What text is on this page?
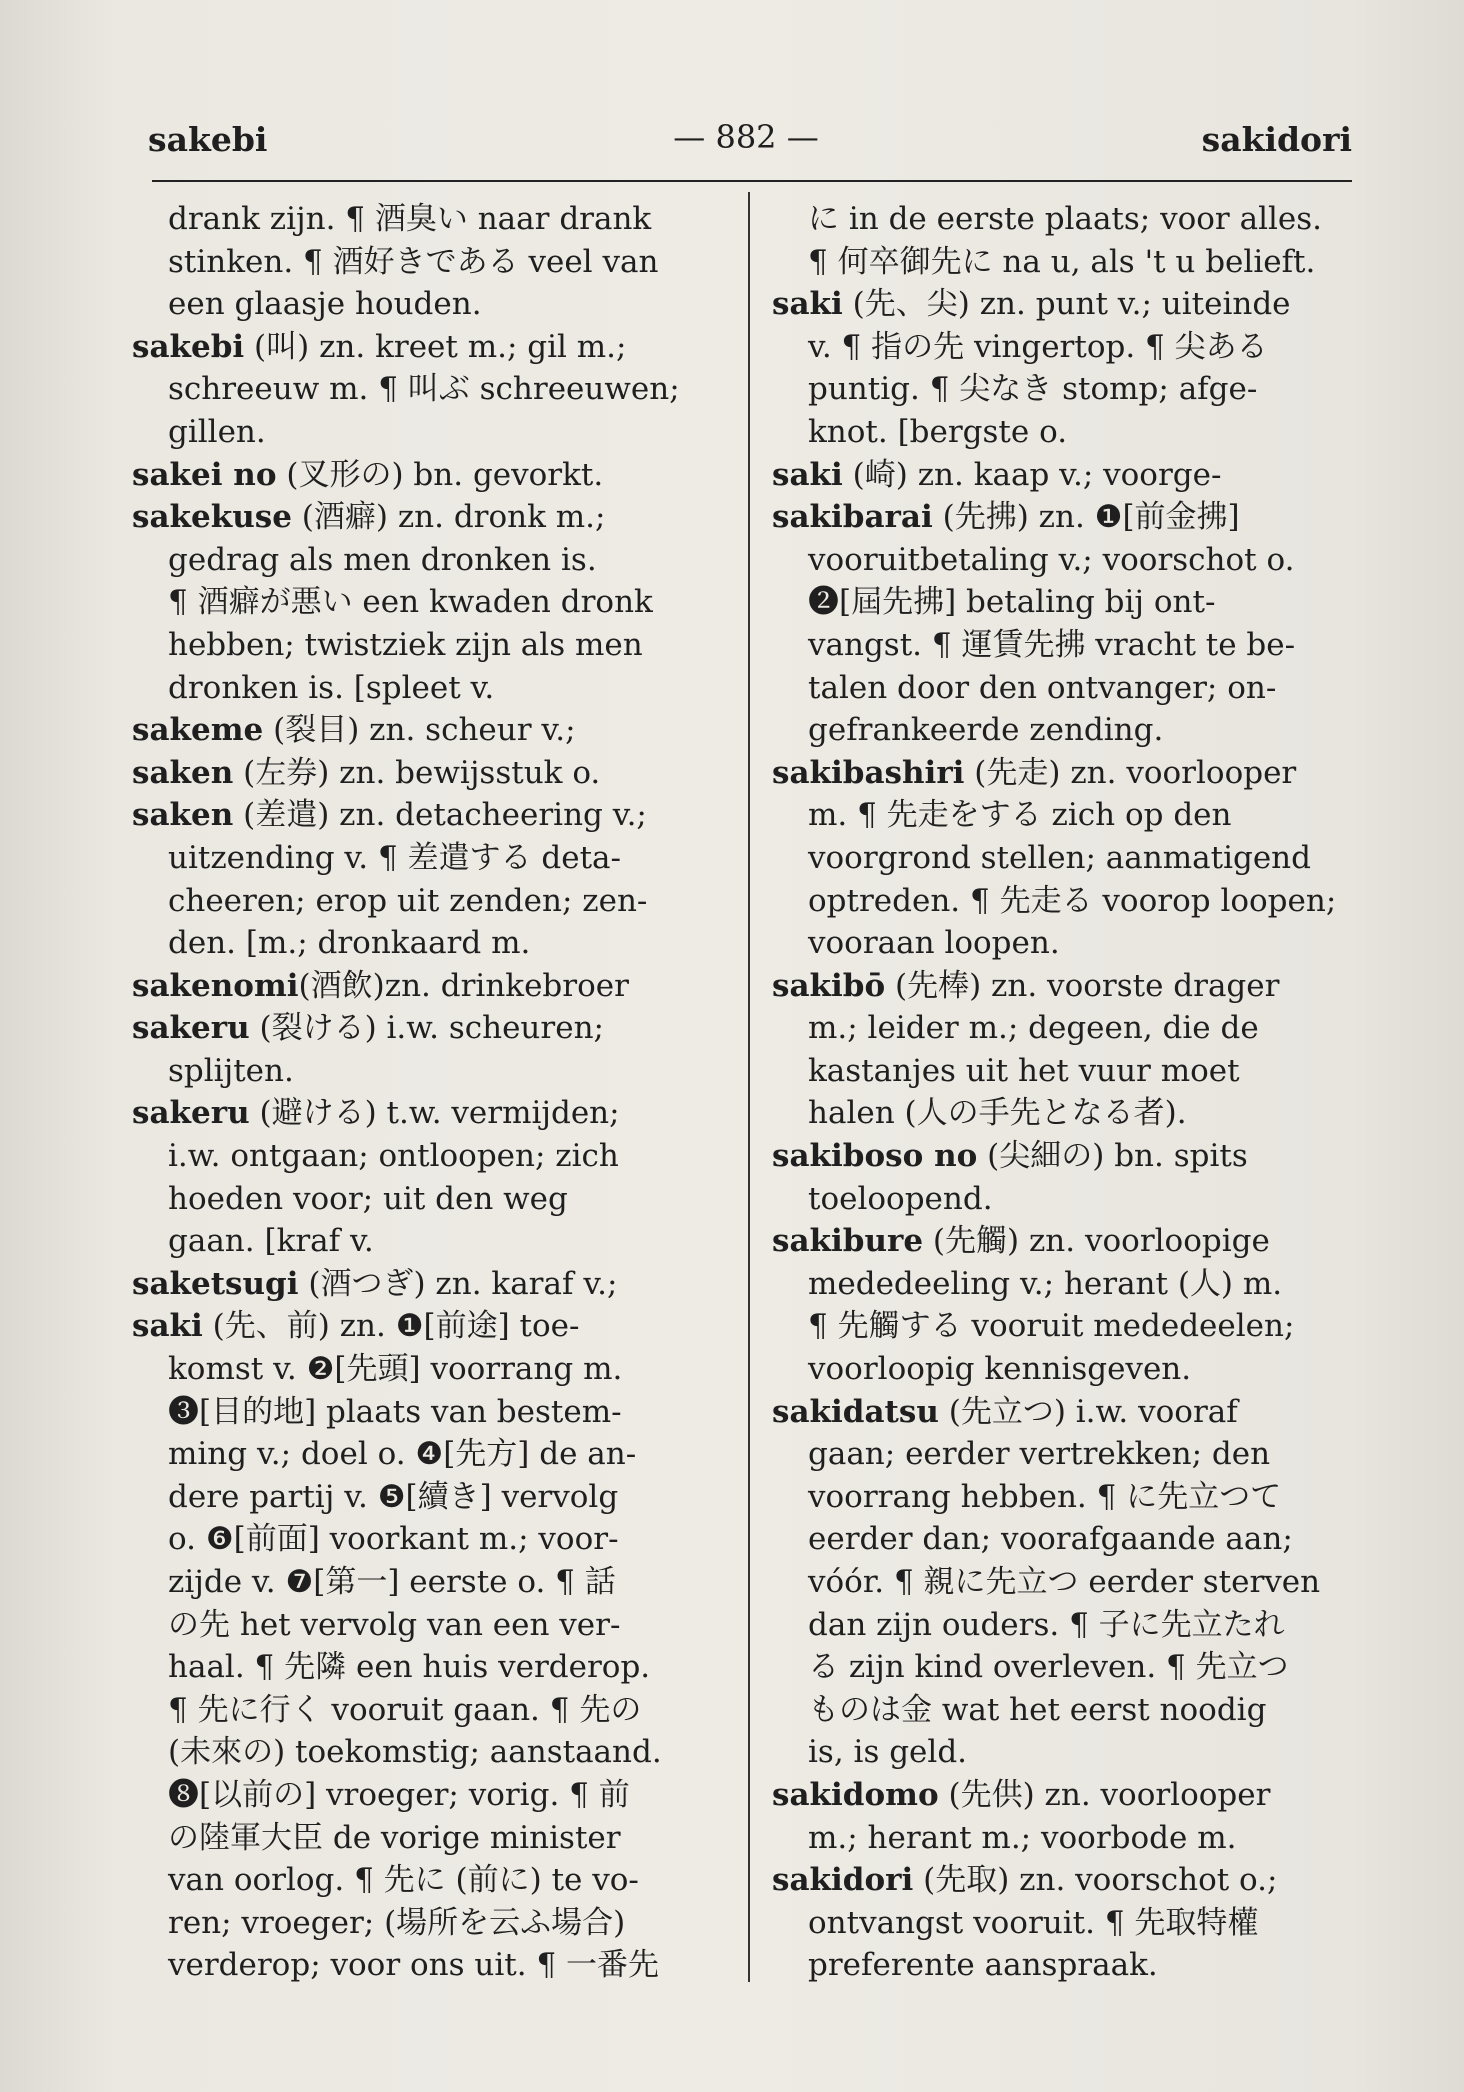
sakebi	— 882 —	sakidori
drank zijn. ¶ 酒臭い naar drank
stinken. ¶ 酒好きである veel van
een glaasje houden.
sakebi (叫) zn. kreet m.; gil m.;
schreeuw m. ¶ 叫ぶ schreeuwen;
gillen.
sakei no (叉形の) bn. gevorkt.
sakekuse (酒癖) zn. dronk m.;
gedrag als men dronken is.
¶ 酒癖が悪い een kwaden dronk
hebben; twistziek zijn als men
dronken is. [spleet v.
sakeme (裂目) zn. scheur v.;
saken (左券) zn. bewijsstuk o.
saken (差遣) zn. detacheering v.;
uitzending v. ¶ 差遣する deta-
cheeren; erop uit zenden; zen-
den. [m.; dronkaard m.
sakenomi(酒飲)zn. drinkebroer
sakeru (裂ける) i.w. scheuren;
splijten.
sakeru (避ける) t.w. vermijden;
i.w. ontgaan; ontloopen; zich
hoeden voor; uit den weg
gaan. [kraf v.
saketsugi (酒つぎ) zn. karaf v.;
saki (先、前) zn. ❶[前途] toe-
komst v. ❷[先頭] voorrang m.
❸[目的地] plaats van bestem-
ming v.; doel o. ❹[先方] de an-
dere partij v. ❺[續き] vervolg
o. ❻[前面] voorkant m.; voor-
zijde v. ❼[第一] eerste o. ¶ 話
の先 het vervolg van een ver-
haal. ¶ 先隣 een huis verderop.
¶ 先に行く vooruit gaan. ¶ 先の
(未來の) toekomstig; aanstaand.
❽[以前の] vroeger; vorig. ¶ 前
の陸軍大臣 de vorige minister
van oorlog. ¶ 先に (前に) te vo-
ren; vroeger; (場所を云ふ場合)
verderop; voor ons uit. ¶ 一番先
に in de eerste plaats; voor alles.
¶ 何卒御先に na u, als 't u belieft.
saki (先、尖) zn. punt v.; uiteinde
v. ¶ 指の先 vingertop. ¶ 尖ある
puntig. ¶ 尖なき stomp; afge-
knot. [bergste o.
saki (崎) zn. kaap v.; voorge-
sakibarai (先拂) zn. ❶[前金拂]
vooruitbetaling v.; voorschot o.
❷[屆先拂] betaling bij ont-
vangst. ¶ 運賃先拂 vracht te be-
talen door den ontvanger; on-
gefrankeerde zending.
sakibashiri (先走) zn. voorlooper
m. ¶ 先走をする zich op den
voorgrond stellen; aanmatigend
optreden. ¶ 先走る voorop loopen;
vooraan loopen.
sakibō (先棒) zn. voorste drager
m.; leider m.; degeen, die de
kastanjes uit het vuur moet
halen (人の手先となる者).
sakiboso no (尖細の) bn. spits
toeloopend.
sakibure (先觸) zn. voorloopige
mededeeling v.; herant (人) m.
¶ 先觸する vooruit mededeelen;
voorloopig kennisgeven.
sakidatsu (先立つ) i.w. vooraf
gaan; eerder vertrekken; den
voorrang hebben. ¶ に先立つて
eerder dan; voorafgaande aan;
vóór. ¶ 親に先立つ eerder sterven
dan zijn ouders. ¶ 子に先立たれ
る zijn kind overleven. ¶ 先立つ
ものは金 wat het eerst noodig
is, is geld.
sakidomo (先供) zn. voorlooper
m.; herant m.; voorbode m.
sakidori (先取) zn. voorschot o.;
ontvangst vooruit. ¶ 先取特權
preferente aanspraak.
